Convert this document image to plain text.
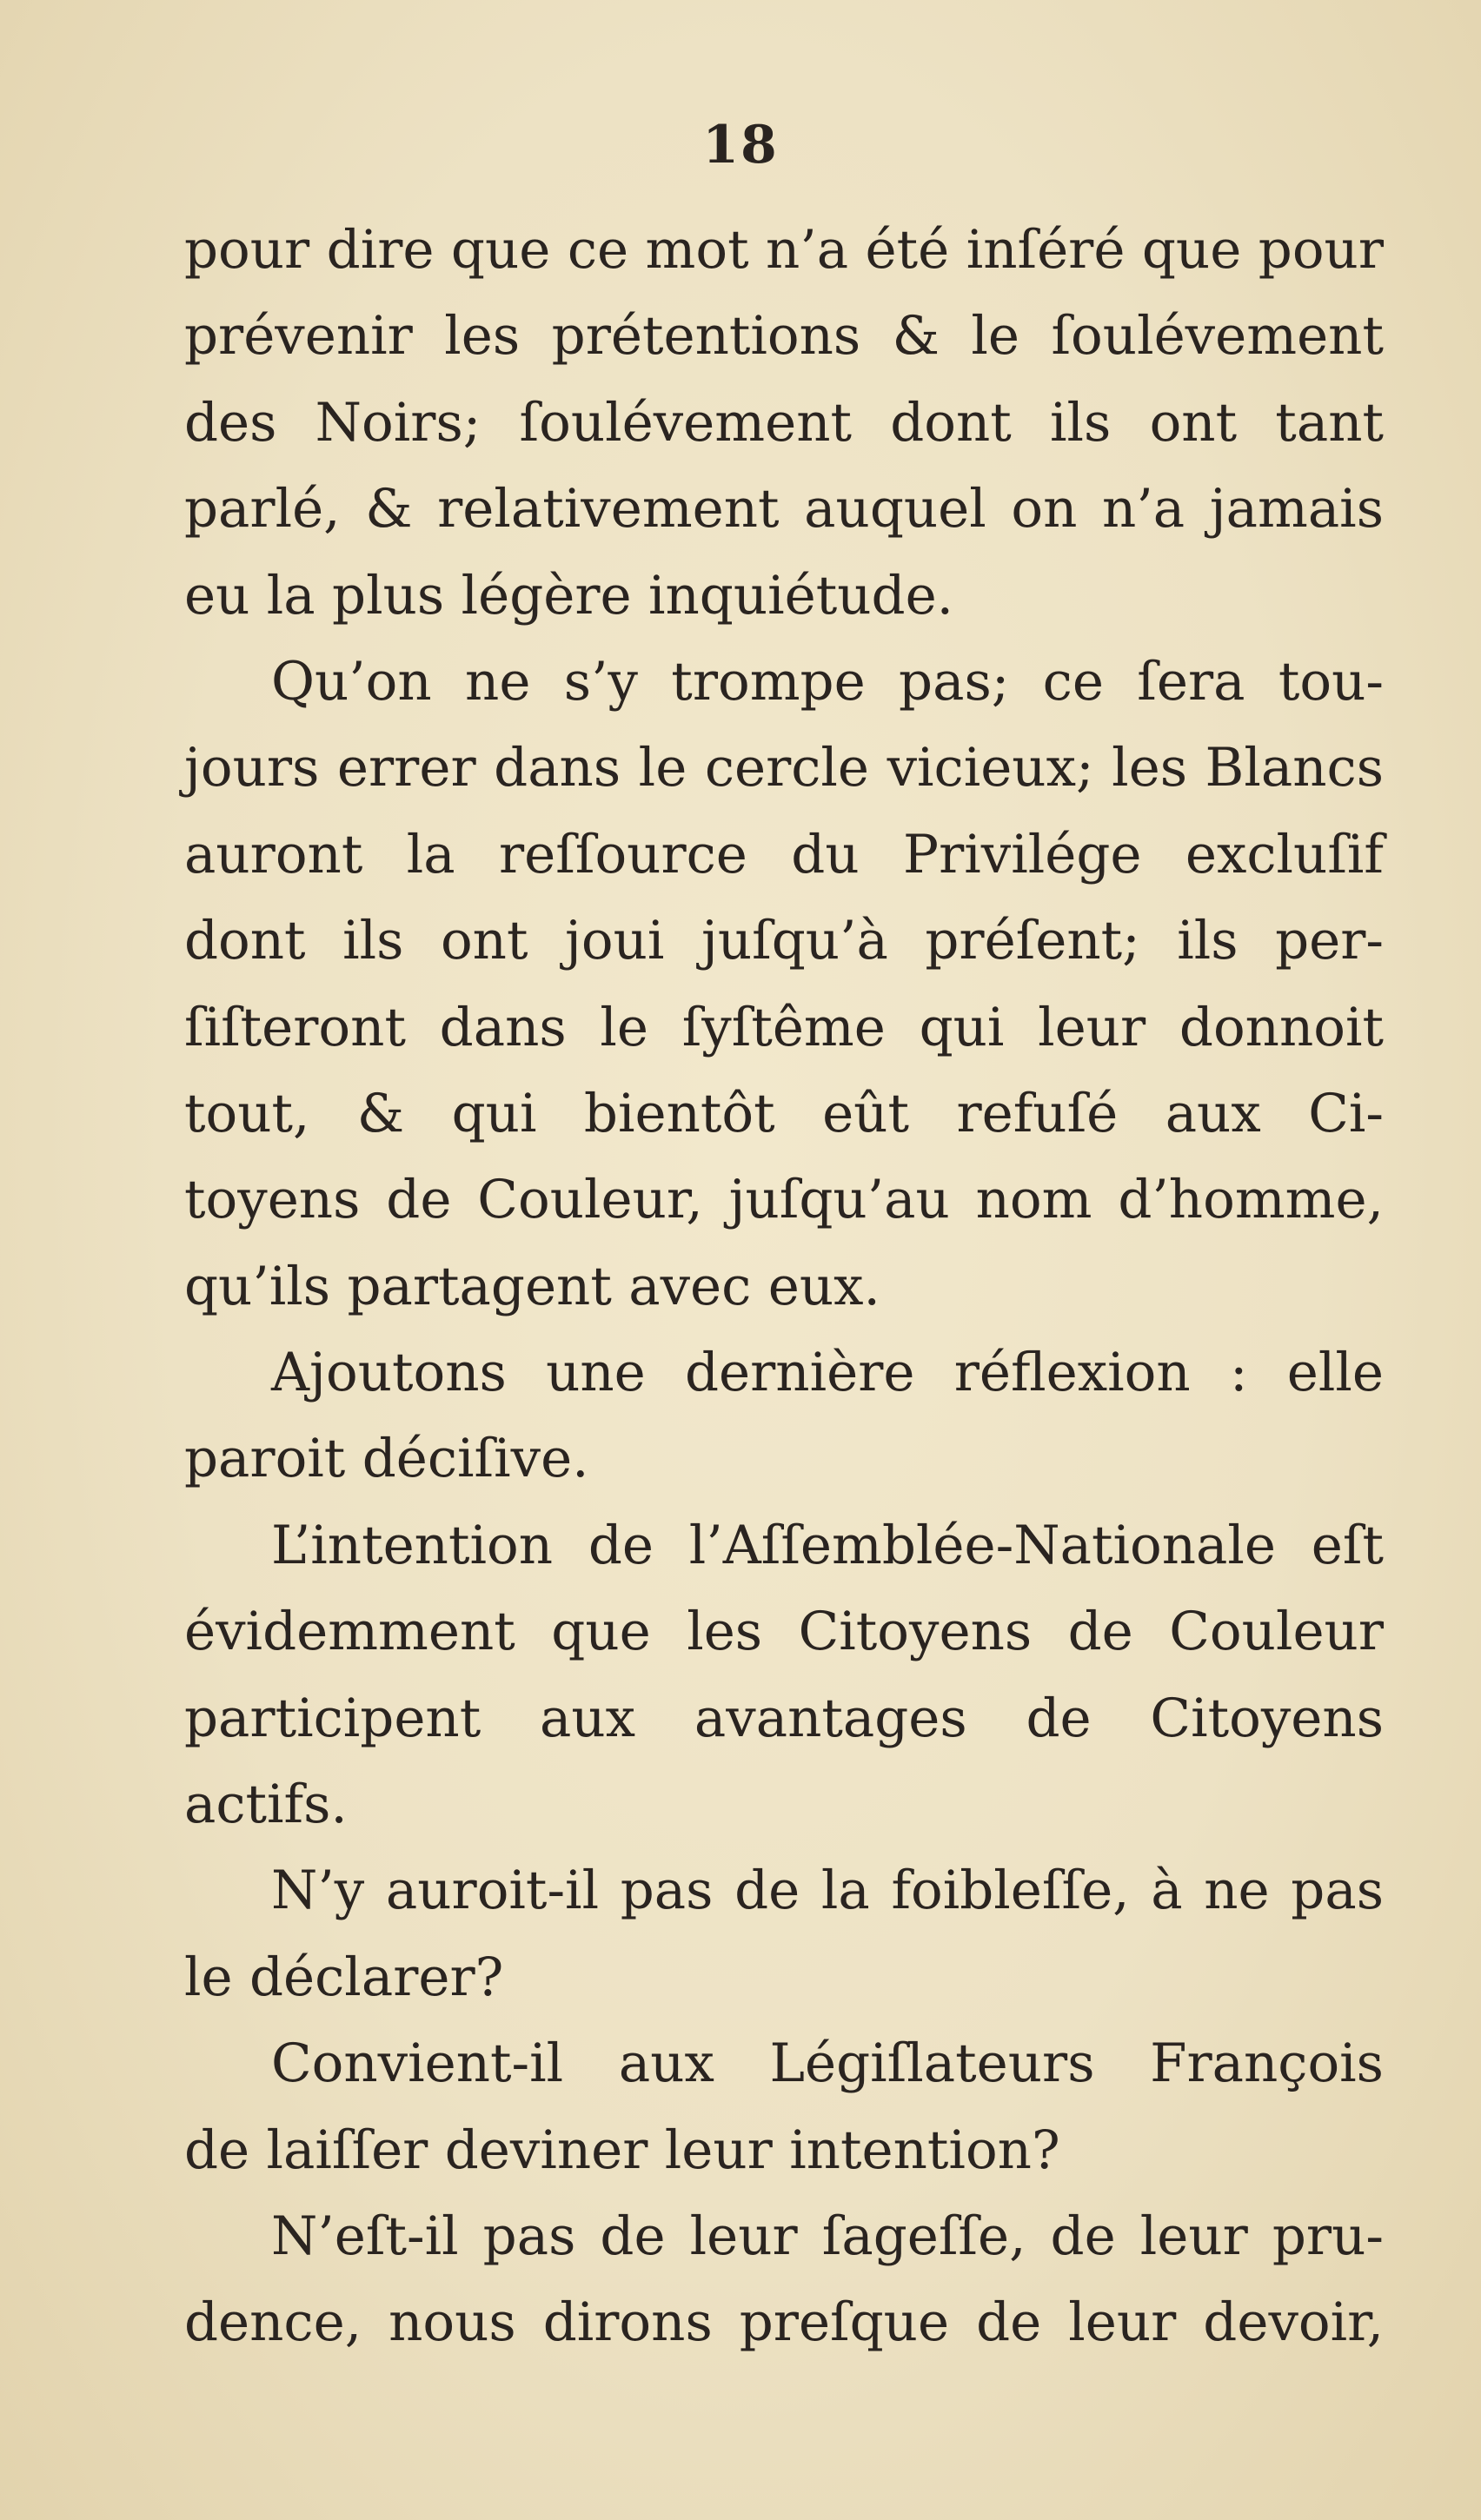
18
pour dire que ce mot n’a été inſéré que pour
prévenir les prétentions & le ſoulévement
des Noirs; ſoulévement dont ils ont tant
parlé, & relativement auquel on n’a jamais
eu la plus légère inquiétude.
Qu’on ne s’y trompe pas; ce ſera tou-
jours errer dans le cercle vicieux; les Blancs
auront la reſſource du Privilége excluſif
dont ils ont joui juſqu’à préſent; ils per-
ſiſteront dans le ſyſtême qui leur donnoit
tout, & qui bientôt eût refuſé aux Ci-
toyens de Couleur, juſqu’au nom d’homme,
qu’ils partagent avec eux.
Ajoutons une dernière réflexion : elle
paroit déciſive.
L’intention de l’Aſſemblée-Nationale eſt
évidemment que les Citoyens de Couleur
participent aux avantages de Citoyens
actifs.
N’y auroit-il pas de la foibleſſe, à ne pas
le déclarer?
Convient-il aux Légiſlateurs François
de laiſſer deviner leur intention?
N’eſt-il pas de leur ſageſſe, de leur pru-
dence, nous dirons preſque de leur devoir,
